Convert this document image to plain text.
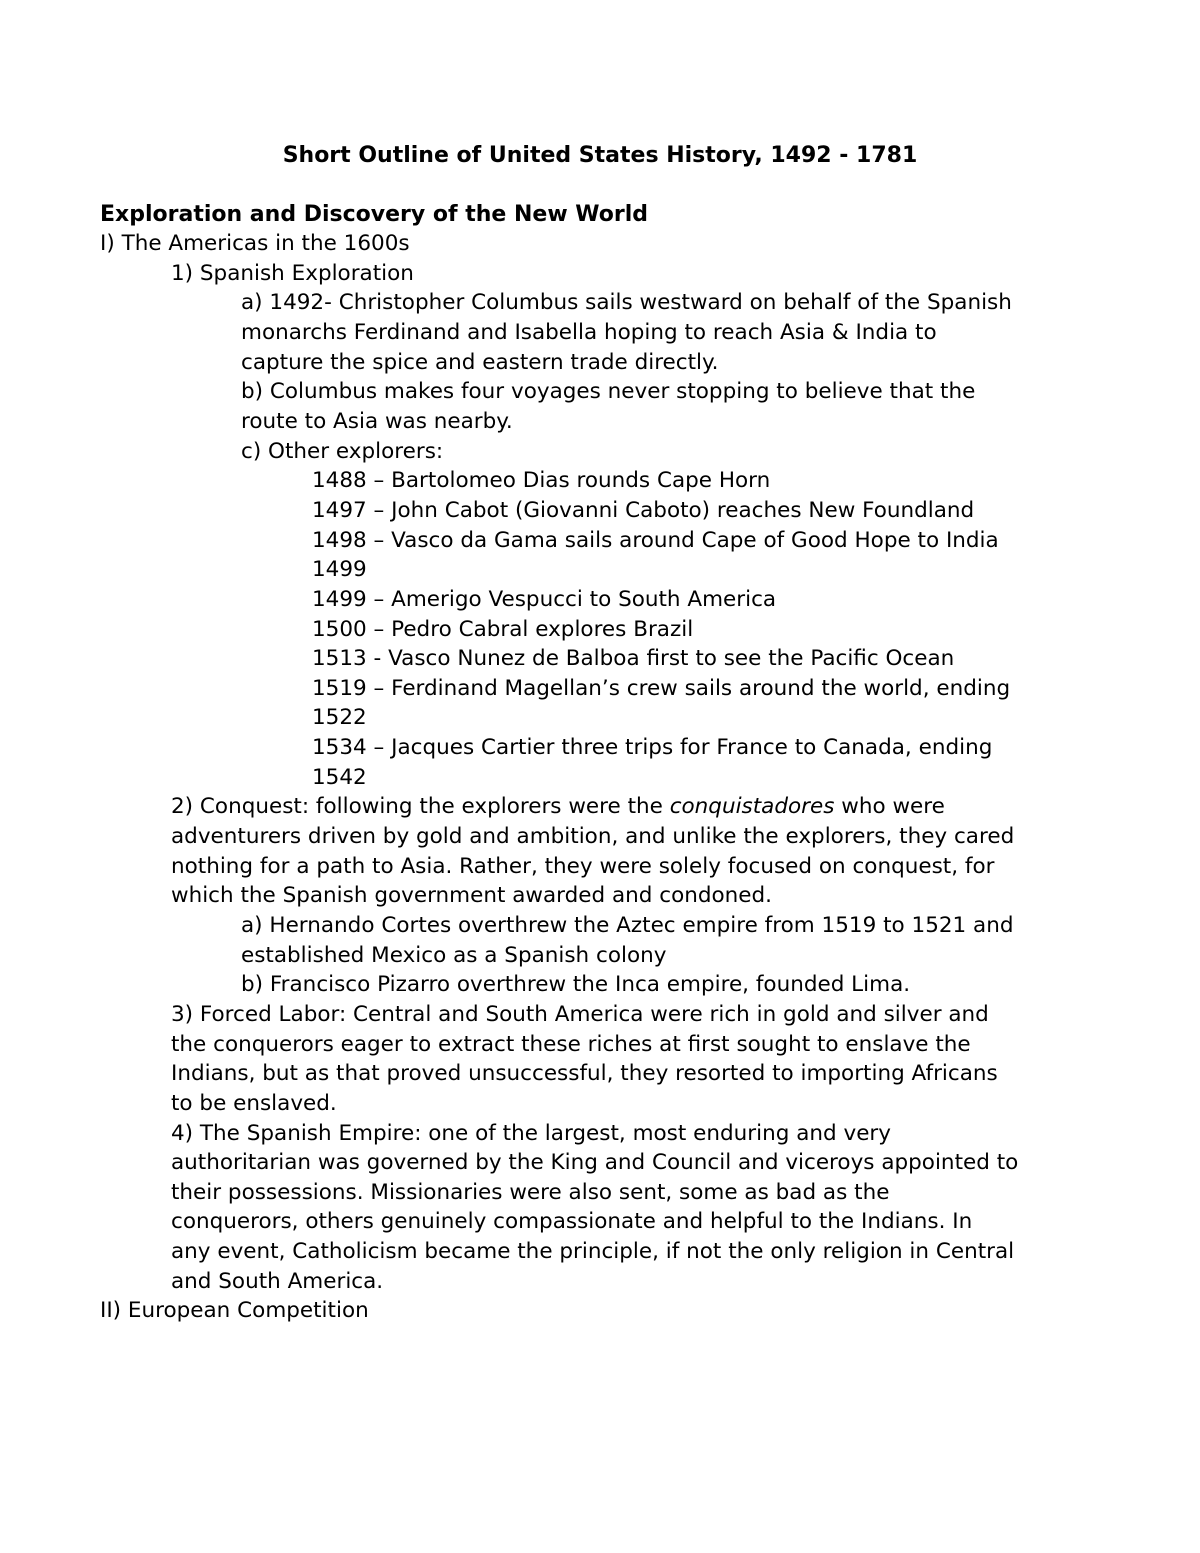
Short Outline of United States History, 1492 - 1781
Exploration and Discovery of the New World
I) The Americas in the 1600s
1) Spanish Exploration
a) 1492- Christopher Columbus sails westward on behalf of the Spanish
monarchs Ferdinand and Isabella hoping to reach Asia & India to
capture the spice and eastern trade directly.
b) Columbus makes four voyages never stopping to believe that the
route to Asia was nearby.
c) Other explorers:
1488 – Bartolomeo Dias rounds Cape Horn
1497 – John Cabot (Giovanni Caboto) reaches New Foundland
1498 – Vasco da Gama sails around Cape of Good Hope to India
1499
1499 – Amerigo Vespucci to South America
1500 – Pedro Cabral explores Brazil
1513 - Vasco Nunez de Balboa first to see the Pacific Ocean
1519 – Ferdinand Magellan’s crew sails around the world, ending
1522
1534 – Jacques Cartier three trips for France to Canada, ending
1542
2) Conquest: following the explorers were the conquistadores who were
adventurers driven by gold and ambition, and unlike the explorers, they cared
nothing for a path to Asia. Rather, they were solely focused on conquest, for
which the Spanish government awarded and condoned.
a) Hernando Cortes overthrew the Aztec empire from 1519 to 1521 and
established Mexico as a Spanish colony
b) Francisco Pizarro overthrew the Inca empire, founded Lima.
3) Forced Labor: Central and South America were rich in gold and silver and
the conquerors eager to extract these riches at first sought to enslave the
Indians, but as that proved unsuccessful, they resorted to importing Africans
to be enslaved.
4) The Spanish Empire: one of the largest, most enduring and very
authoritarian was governed by the King and Council and viceroys appointed to
their possessions. Missionaries were also sent, some as bad as the
conquerors, others genuinely compassionate and helpful to the Indians. In
any event, Catholicism became the principle, if not the only religion in Central
and South America.
II) European Competition
